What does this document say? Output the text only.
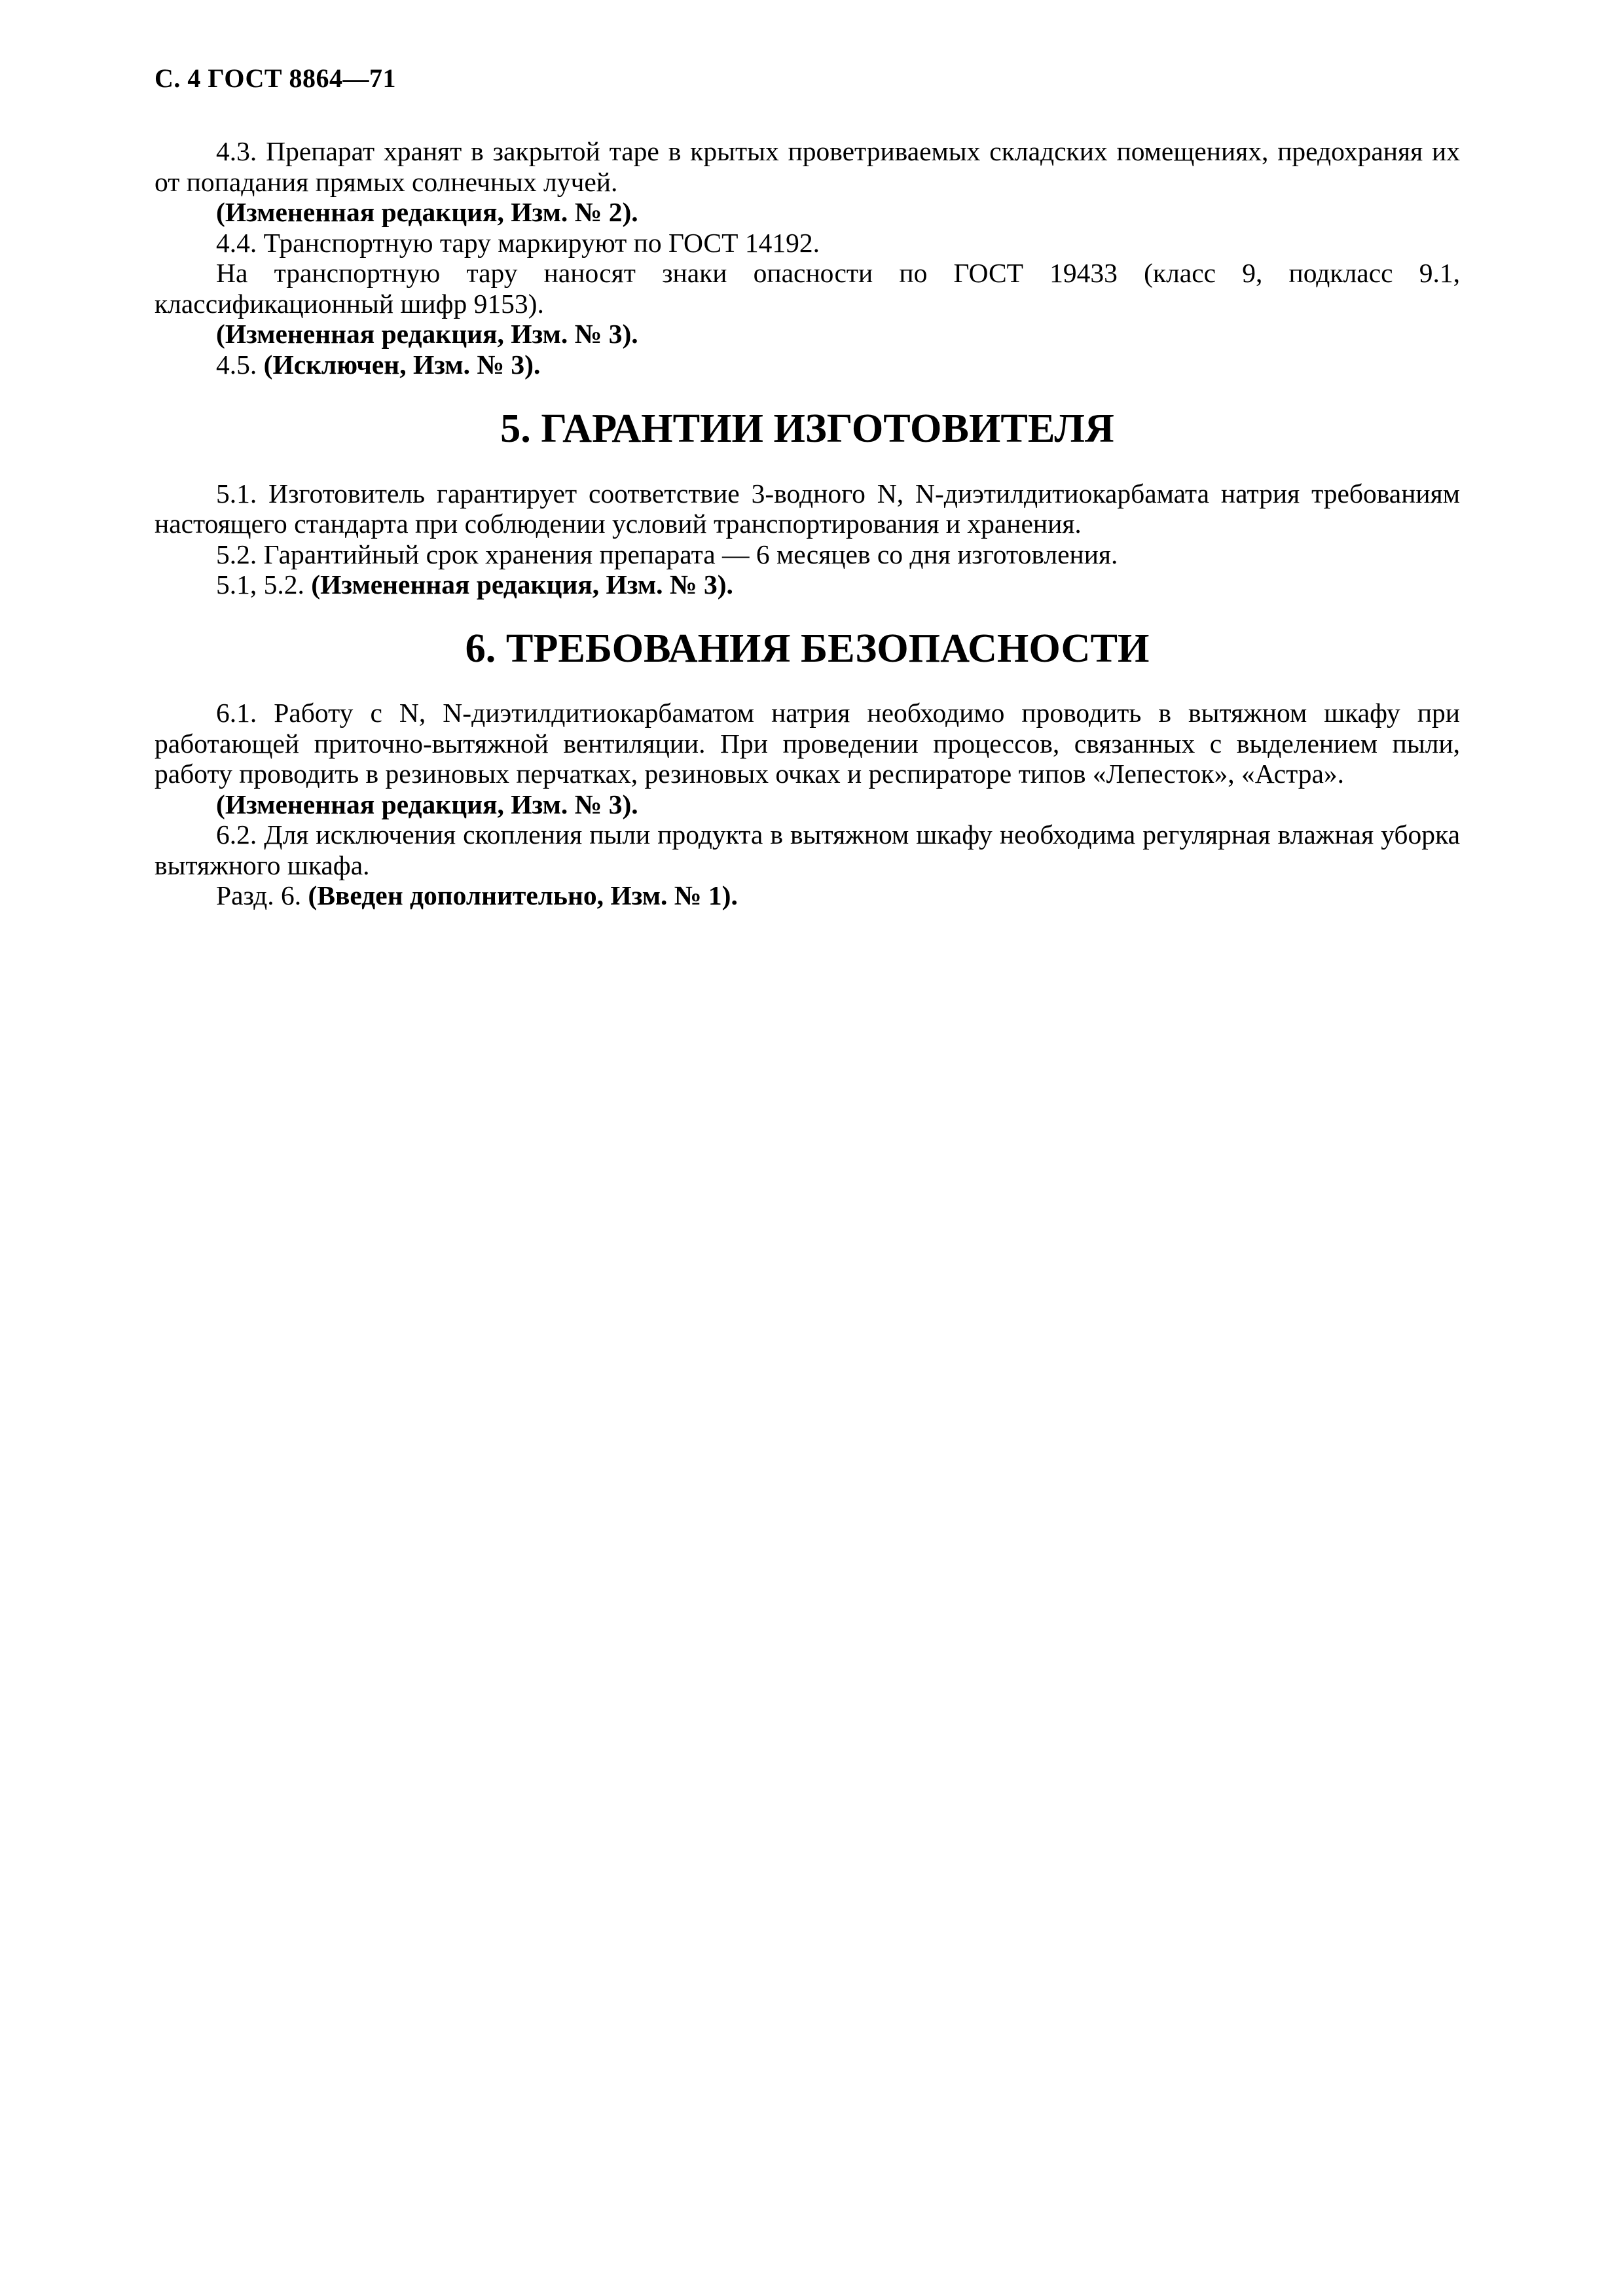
С. 4 ГОСТ 8864—71

4.3. Препарат хранят в закрытой таре в крытых проветриваемых складских помещениях, предохраняя их от попадания прямых солнечных лучей.

(Измененная редакция, Изм. № 2).

4.4. Транспортную тару маркируют по ГОСТ 14192.

На транспортную тару наносят знаки опасности по ГОСТ 19433 (класс 9, подкласс 9.1, классификационный шифр 9153).

(Измененная редакция, Изм. № 3).

4.5. (Исключен, Изм. № 3).

5. ГАРАНТИИ ИЗГОТОВИТЕЛЯ

5.1. Изготовитель гарантирует соответствие 3-водного N, N-диэтилдитиокарбамата натрия требованиям настоящего стандарта при соблюдении условий транспортирования и хранения.

5.2. Гарантийный срок хранения препарата — 6 месяцев со дня изготовления.

5.1, 5.2. (Измененная редакция, Изм. № 3).

6. ТРЕБОВАНИЯ БЕЗОПАСНОСТИ

6.1. Работу с N, N-диэтилдитиокарбаматом натрия необходимо проводить в вытяжном шкафу при работающей приточно-вытяжной вентиляции. При проведении процессов, связанных с выделением пыли, работу проводить в резиновых перчатках, резиновых очках и респираторе типов «Лепесток», «Астра».

(Измененная редакция, Изм. № 3).

6.2. Для исключения скопления пыли продукта в вытяжном шкафу необходима регулярная влажная уборка вытяжного шкафа.

Разд. 6. (Введен дополнительно, Изм. № 1).
